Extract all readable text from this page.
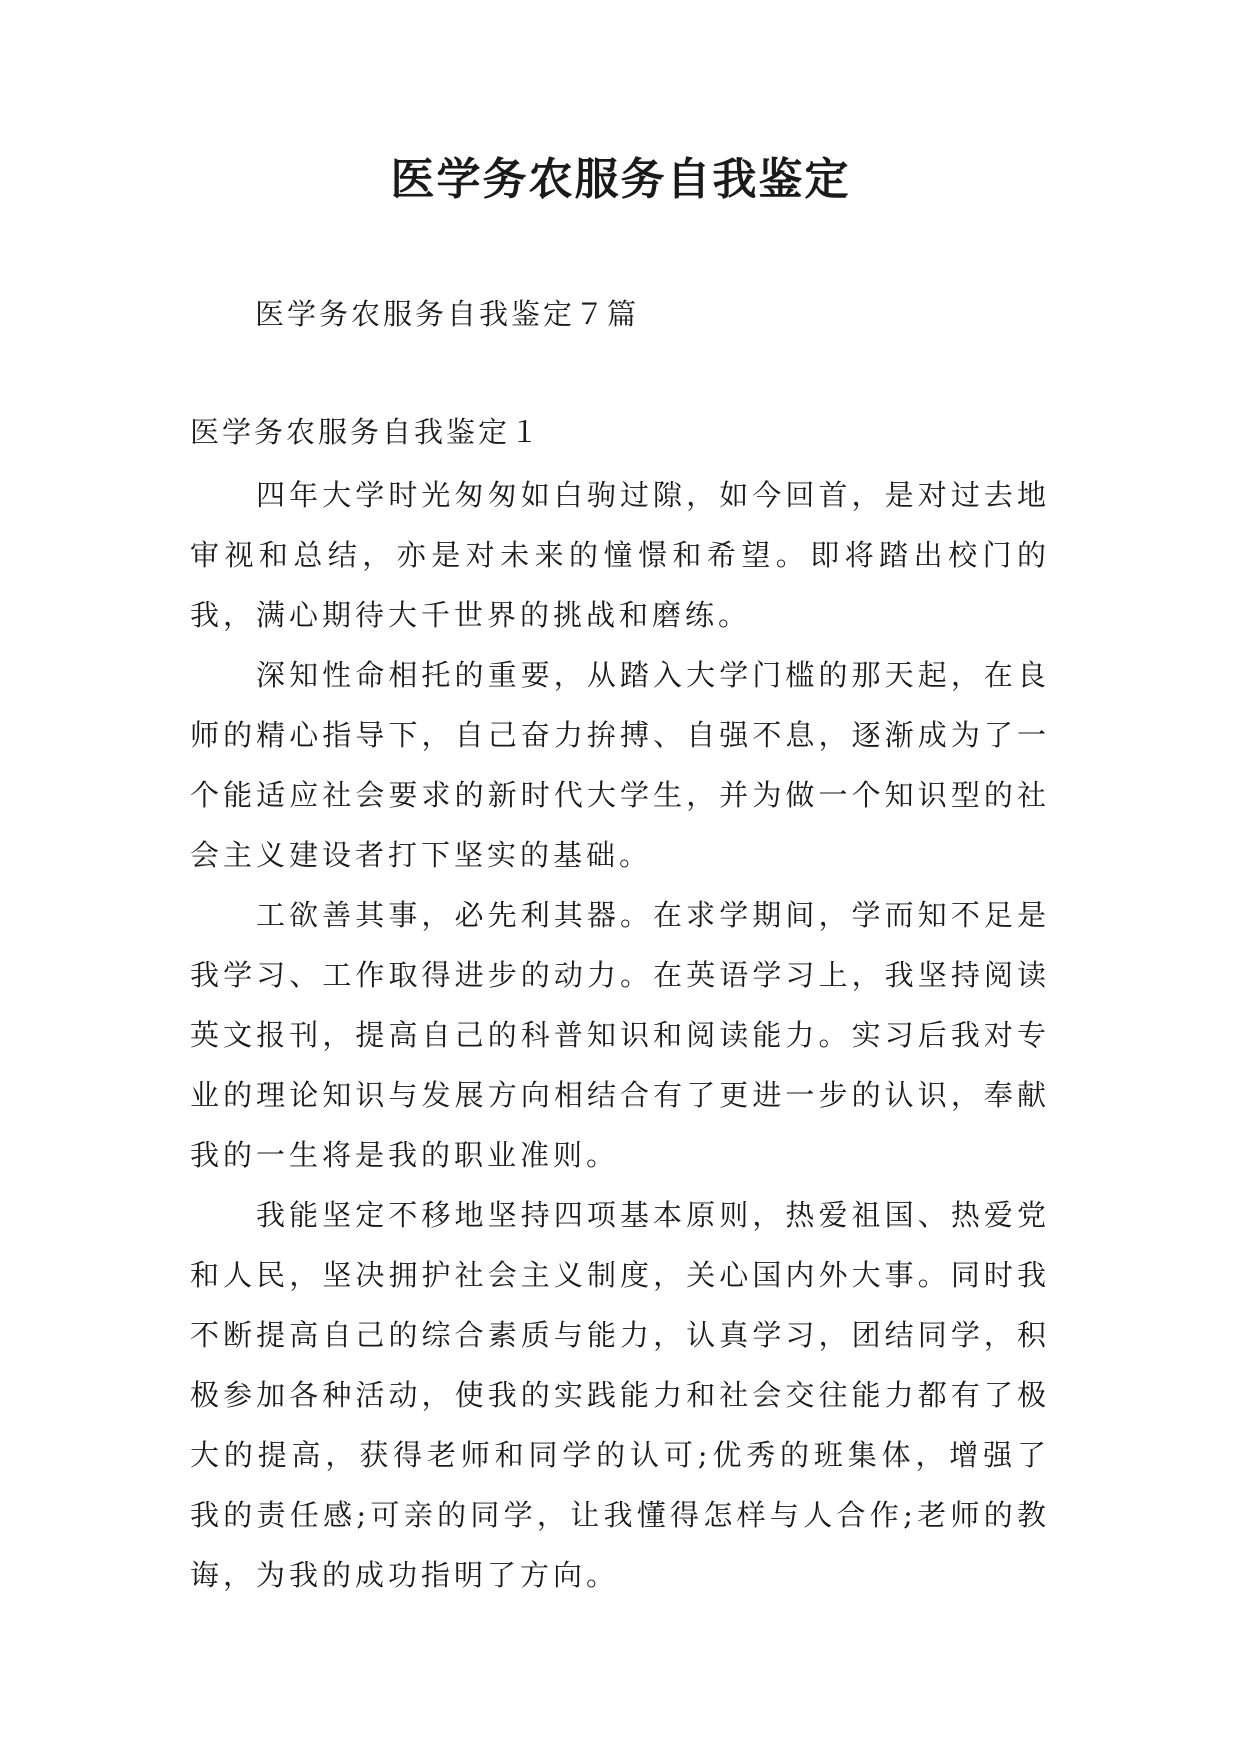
医学务农服务自我鉴定

医学务农服务自我鉴定７篇

医学务农服务自我鉴定１

四年大学时光匆匆如白驹过隙，如今回首，是对过去地审视和总结，亦是对未来的憧憬和希望。即将踏出校门的我，满心期待大千世界的挑战和磨练。

深知性命相托的重要，从踏入大学门槛的那天起，在良师的精心指导下，自己奋力拚搏、自强不息，逐渐成为了一个能适应社会要求的新时代大学生，并为做一个知识型的社会主义建设者打下坚实的基础。

工欲善其事，必先利其器。在求学期间，学而知不足是我学习、工作取得进步的动力。在英语学习上，我坚持阅读英文报刊，提高自己的科普知识和阅读能力。实习后我对专业的理论知识与发展方向相结合有了更进一步的认识，奉献我的一生将是我的职业准则。

我能坚定不移地坚持四项基本原则，热爱祖国、热爱党和人民，坚决拥护社会主义制度，关心国内外大事。同时我不断提高自己的综合素质与能力，认真学习，团结同学，积极参加各种活动，使我的实践能力和社会交往能力都有了极大的提高，获得老师和同学的认可;优秀的班集体，增强了我的责任感;可亲的同学，让我懂得怎样与人合作;老师的教诲，为我的成功指明了方向。
